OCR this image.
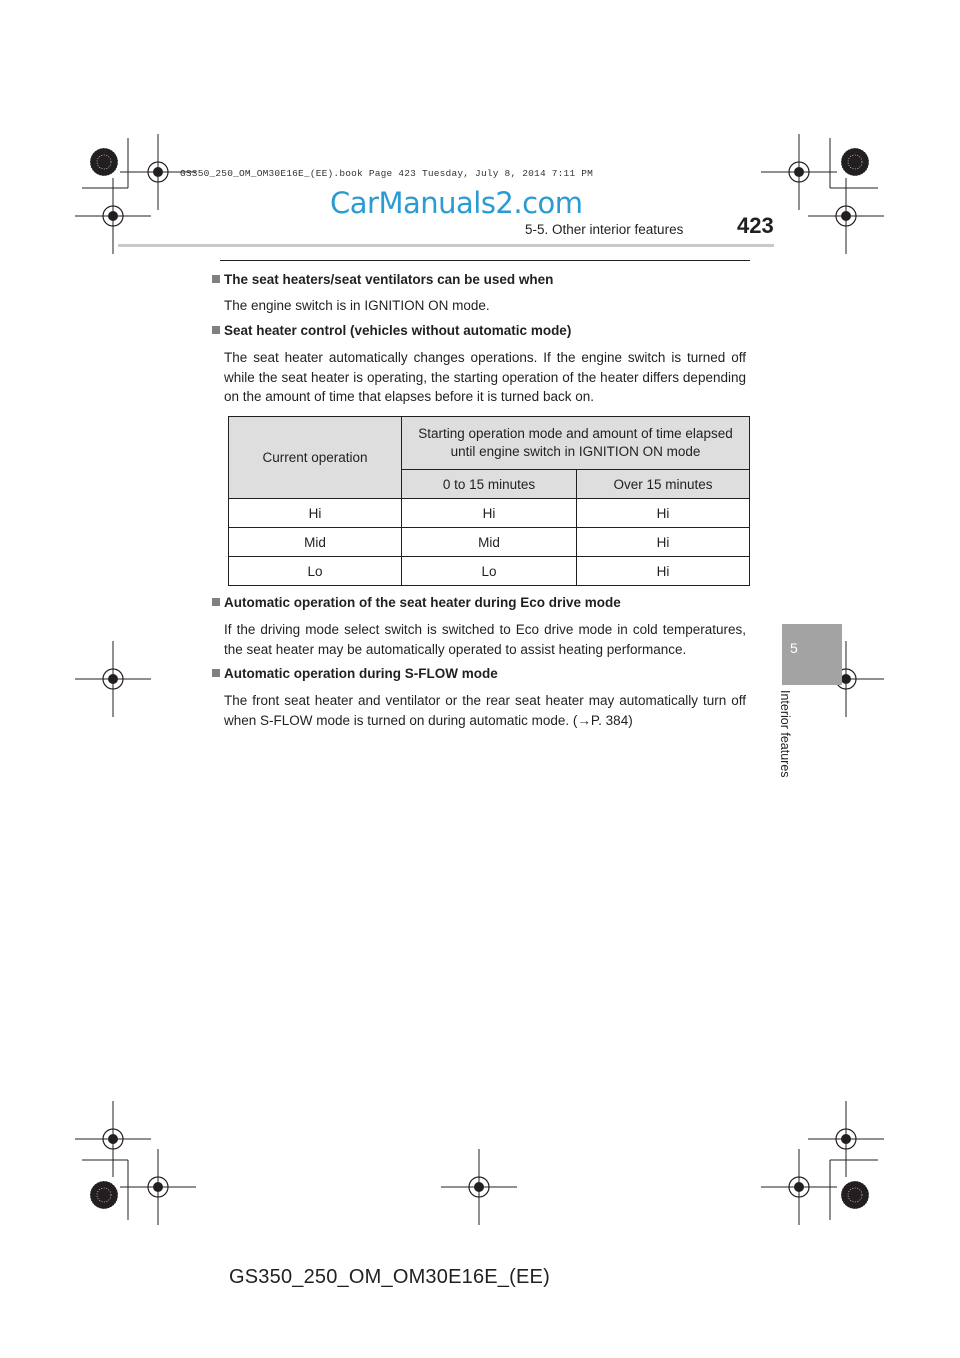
GS350_250_OM_OM30E16E_(EE).book Page 423 Tuesday, July 8, 2014 7:11 PM
CarManuals2.com
5-5. Other interior features 423
The seat heaters/seat ventilators can be used when
The engine switch is in IGNITION ON mode.
Seat heater control (vehicles without automatic mode)
The seat heater automatically changes operations. If the engine switch is turned off while the seat heater is operating, the starting operation of the heater differs depending on the amount of time that elapses before it is turned back on.
Current operation	Starting operation mode and amount of time elapsed until engine switch in IGNITION ON mode	
	0 to 15 minutes	Over 15 minutes
Hi	Hi	Hi
Mid	Mid	Hi
Lo	Lo	Hi
Automatic operation of the seat heater during Eco drive mode
If the driving mode select switch is switched to Eco drive mode in cold temperatures, the seat heater may be automatically operated to assist heating performance.
Automatic operation during S-FLOW mode
The front seat heater and ventilator or the rear seat heater may automatically turn off when S-FLOW mode is turned on during automatic mode. (→P. 384)
5
Interior features
GS350_250_OM_OM30E16E_(EE)
